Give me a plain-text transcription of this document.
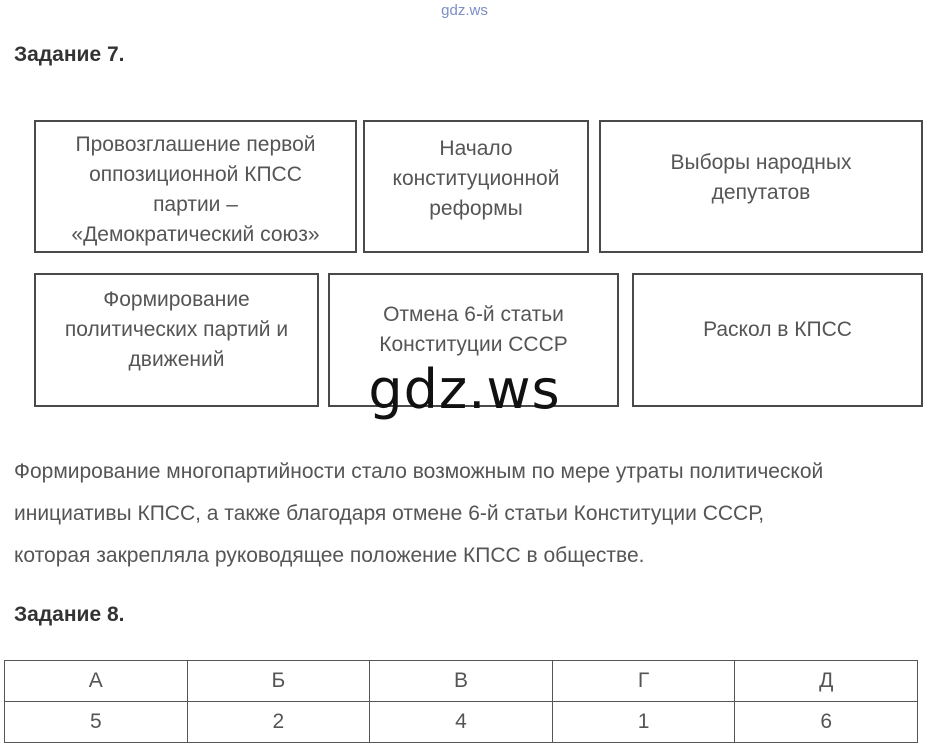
gdz.ws
Задание 7.
Провозглашение первой
оппозиционной КПСС
партии –
«Демократический союз»
Начало
конституционной
реформы
Выборы народных
депутатов
Формирование
политических партий и
движений
Отмена 6-й статьи
Конституции СССР
Раскол в КПСС
gdz.ws
Формирование многопартийности стало возможным по мере утраты политической
инициативы КПСС, а также благодаря отмене 6-й статьи Конституции СССР,
которая закрепляла руководящее положение КПСС в обществе.
Задание 8.
А	Б	В	Г	Д
5	2	4	1	6
